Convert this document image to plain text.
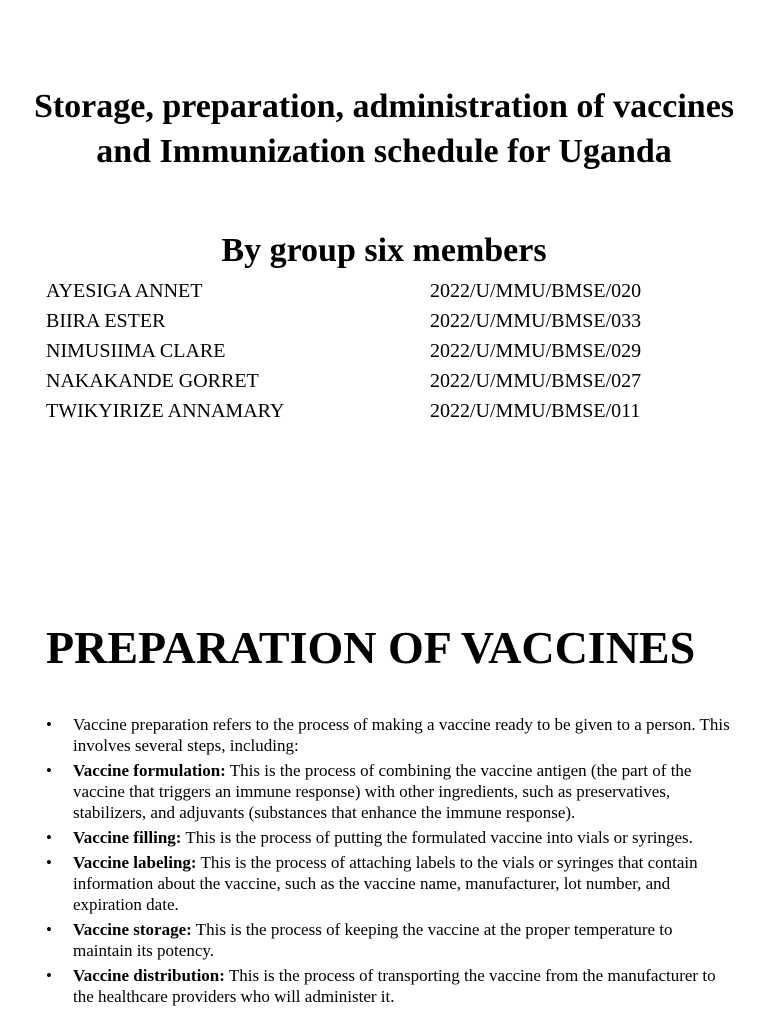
Storage, preparation, administration of vaccines and Immunization schedule for Uganda
By group six members
AYESIGA ANNET	2022/U/MMU/BMSE/020
BIIRA ESTER	2022/U/MMU/BMSE/033
NIMUSIIMA CLARE	2022/U/MMU/BMSE/029
NAKAKANDE GORRET	2022/U/MMU/BMSE/027
TWIKYIRIZE ANNAMARY	2022/U/MMU/BMSE/011
PREPARATION OF VACCINES
• Vaccine preparation refers to the process of making a vaccine ready to be given to a person. This involves several steps, including:
• Vaccine formulation: This is the process of combining the vaccine antigen (the part of the vaccine that triggers an immune response) with other ingredients, such as preservatives, stabilizers, and adjuvants (substances that enhance the immune response).
• Vaccine filling: This is the process of putting the formulated vaccine into vials or syringes.
• Vaccine labeling: This is the process of attaching labels to the vials or syringes that contain information about the vaccine, such as the vaccine name, manufacturer, lot number, and expiration date.
• Vaccine storage: This is the process of keeping the vaccine at the proper temperature to maintain its potency.
• Vaccine distribution: This is the process of transporting the vaccine from the manufacturer to the healthcare providers who will administer it.
